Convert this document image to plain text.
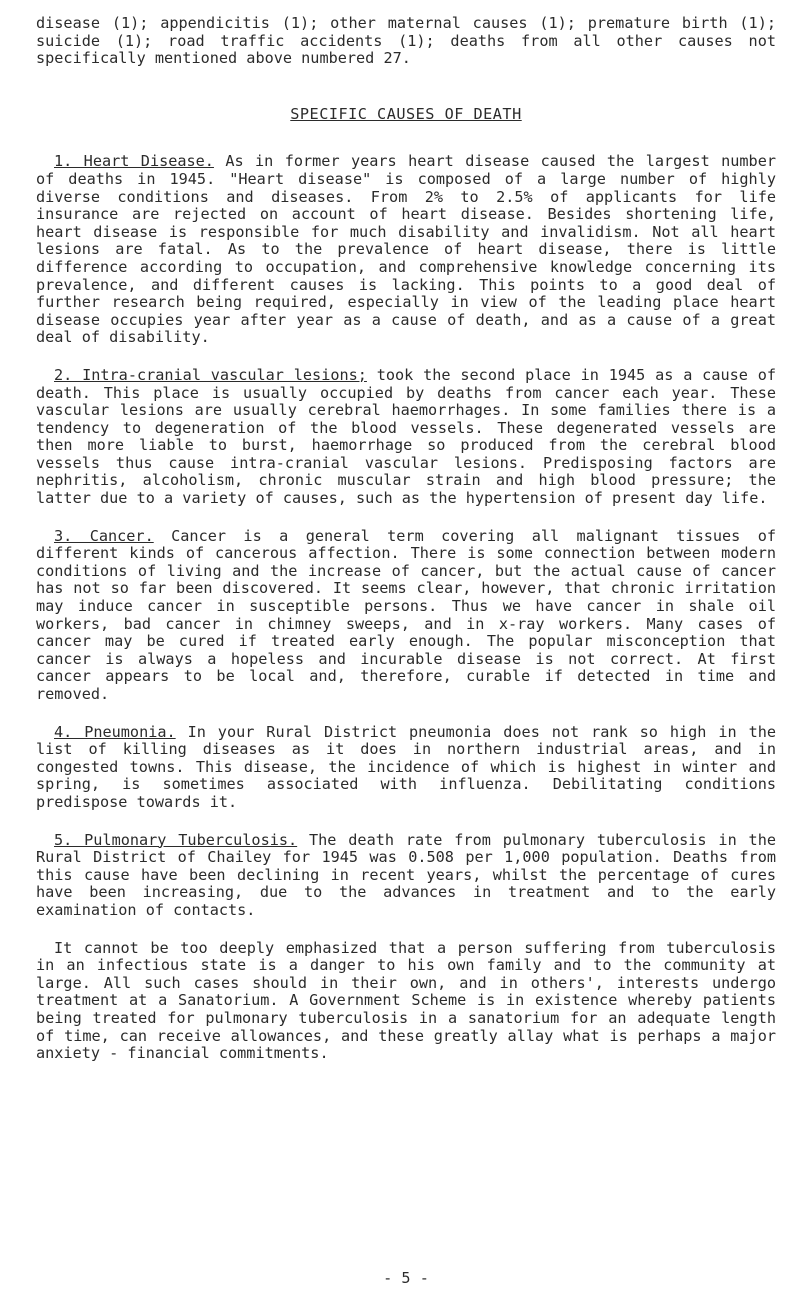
disease (1); appendicitis (1); other maternal causes (1); premature birth (1); suicide (1); road traffic accidents (1); deaths from all other causes not specifically mentioned above numbered 27.

SPECIFIC CAUSES OF DEATH

1. Heart Disease. As in former years heart disease caused the largest number of deaths in 1945. "Heart disease" is composed of a large number of highly diverse conditions and diseases. From 2% to 2.5% of applicants for life insurance are rejected on account of heart disease. Besides shortening life, heart disease is responsible for much disability and invalidism. Not all heart lesions are fatal. As to the prevalence of heart disease, there is little difference according to occupation, and comprehensive knowledge concerning its prevalence, and different causes is lacking. This points to a good deal of further research being required, especially in view of the leading place heart disease occupies year after year as a cause of death, and as a cause of a great deal of disability.

2. Intra-cranial vascular lesions; took the second place in 1945 as a cause of death. This place is usually occupied by deaths from cancer each year. These vascular lesions are usually cerebral haemorrhages. In some families there is a tendency to degeneration of the blood vessels. These degenerated vessels are then more liable to burst, haemorrhage so produced from the cerebral blood vessels thus cause intra-cranial vascular lesions. Predisposing factors are nephritis, alcoholism, chronic muscular strain and high blood pressure; the latter due to a variety of causes, such as the hypertension of present day life.

3. Cancer. Cancer is a general term covering all malignant tissues of different kinds of cancerous affection. There is some connection between modern conditions of living and the increase of cancer, but the actual cause of cancer has not so far been discovered. It seems clear, however, that chronic irritation may induce cancer in susceptible persons. Thus we have cancer in shale oil workers, bad cancer in chimney sweeps, and in x-ray workers. Many cases of cancer may be cured if treated early enough. The popular misconception that cancer is always a hopeless and incurable disease is not correct. At first cancer appears to be local and, therefore, curable if detected in time and removed.

4. Pneumonia. In your Rural District pneumonia does not rank so high in the list of killing diseases as it does in northern industrial areas, and in congested towns. This disease, the incidence of which is highest in winter and spring, is sometimes associated with influenza. Debilitating conditions predispose towards it.

5. Pulmonary Tuberculosis. The death rate from pulmonary tuberculosis in the Rural District of Chailey for 1945 was 0.508 per 1,000 population. Deaths from this cause have been declining in recent years, whilst the percentage of cures have been increasing, due to the advances in treatment and to the early examination of contacts.

It cannot be too deeply emphasized that a person suffering from tuberculosis in an infectious state is a danger to his own family and to the community at large. All such cases should in their own, and in others', interests undergo treatment at a Sanatorium. A Government Scheme is in existence whereby patients being treated for pulmonary tuberculosis in a sanatorium for an adequate length of time, can receive allowances, and these greatly allay what is perhaps a major anxiety - financial commitments.

- 5 -
